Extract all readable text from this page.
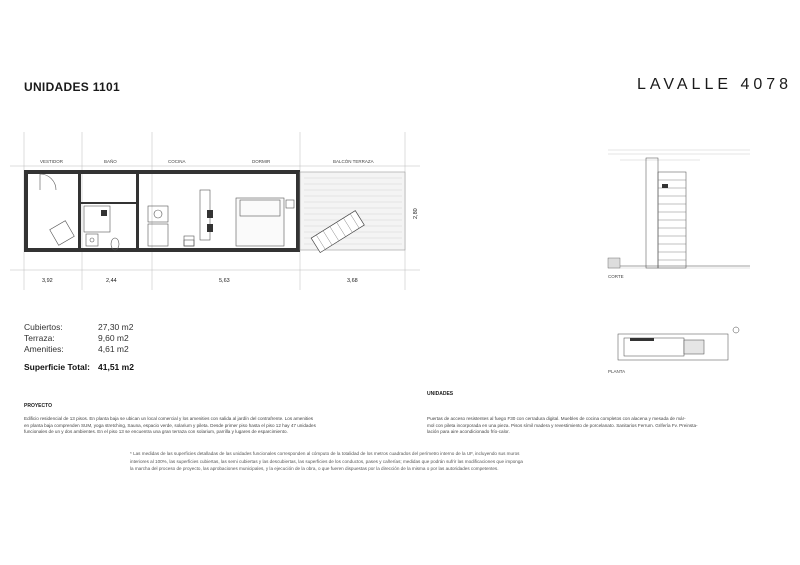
UNIDADES 1101	LAVALLE 4078
VESTIDOR	BAÑO	COCINA	DORMIR	BALCÓN TERRAZA
3,92	2,44	5,63	3,68
2,80
CORTE
PLANTA
Cubiertos:	27,30 m2
Terraza:	9,60 m2
Amenities:	4,61 m2
Superficie Total: 41,51 m2
PROYECTO
Edificio residencial de 13 pisos. En planta baja se ubican un local comercial y los amenities con salida al jardín del contrafrente. Los amenities
en planta baja comprenden SUM, yoga stretching, Sauna, espacio verde, solarium y pileta. Desde primer piso hasta el piso 12 hay 47 unidades
funcionales de un y dos ambientes. En el piso 13 se encuentra una gran terraza con solarium, parrilla y lugares de esparcimiento.
UNIDADES
Puertas de acceso resistentes al fuego F30 con cerradura digital. Muebles de cocina completos con alacena y mesada de már-
mol con pileta incorporada en una pieza. Pisos símil madera y revestimiento de porcelanato. Sanitarios Ferrum. Grifería Fv. Preinsta-
lación para aire acondicionado frío-calor.
* Las medidas de las superficies detalladas de las unidades funcionales corresponden al cómputo de la totalidad de los metros cuadrados del perímetro interno de la UF, incluyendo sus muros
interiores al 100%, las superficies cubiertas, las semi cubiertas y las descubiertas, las superficies de los conductos, pases y cañerías; medidas que podrán sufrir las modificaciones que imponga
la marcha del proceso de proyecto, las aprobaciones municipales, y la ejecución de la obra, o que fueren dispuestas por la dirección de la misma o por las autoridades competentes.
